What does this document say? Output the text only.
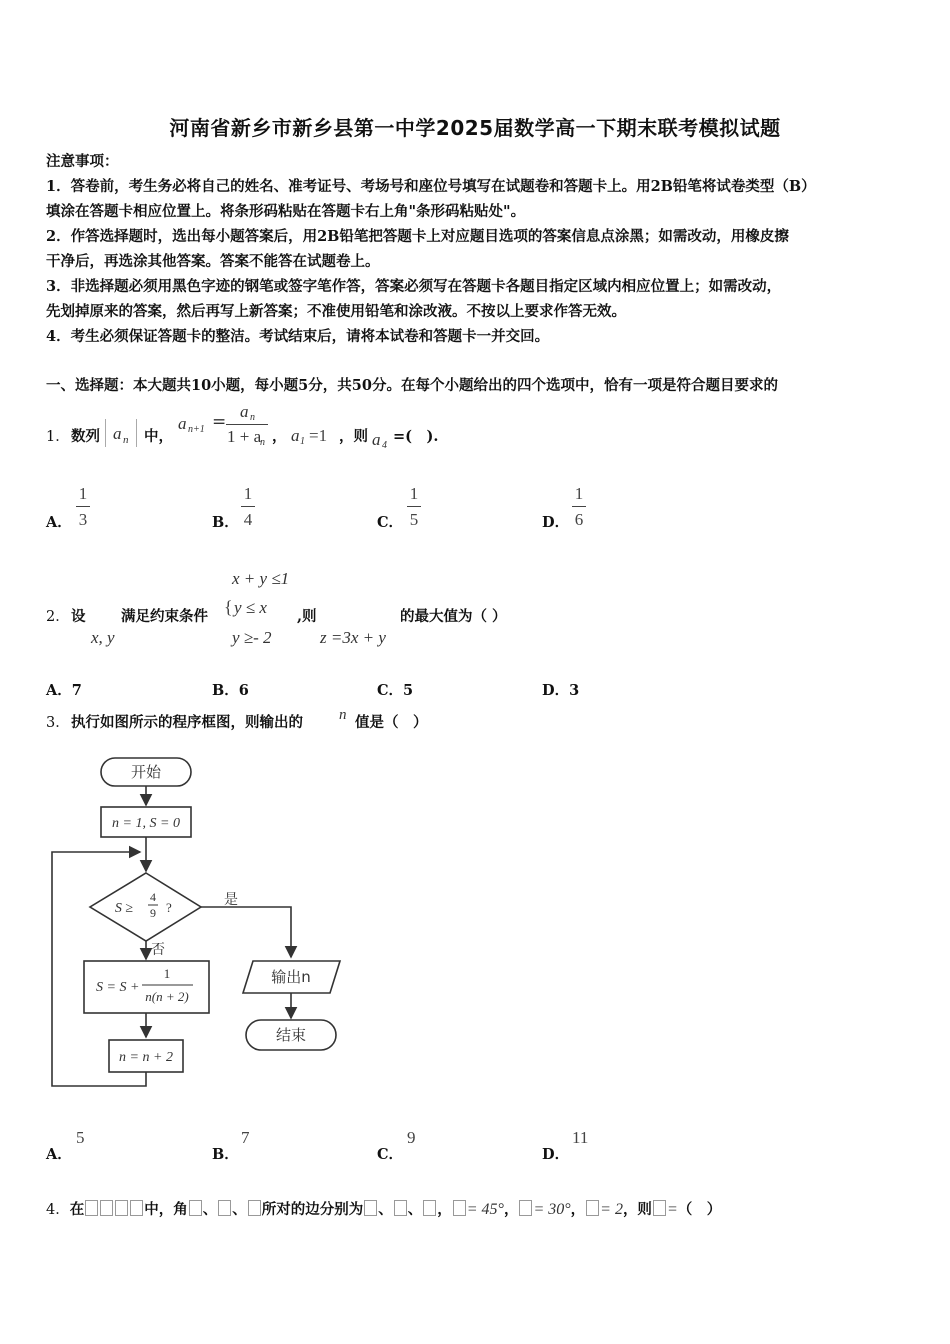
河南省新乡市新乡县第一中学2025届数学高一下期末联考模拟试题
注意事项：
1．答卷前，考生务必将自己的姓名、准考证号、考场号和座位号填写在试题卷和答题卡上。用2B铅笔将试卷类型（B）
填涂在答题卡相应位置上。将条形码粘贴在答题卡右上角"条形码粘贴处"。
2．作答选择题时，选出每小题答案后，用2B铅笔把答题卡上对应题目选项的答案信息点涂黑；如需改动，用橡皮擦
干净后，再选涂其他答案。答案不能答在试题卷上。
3．非选择题必须用黑色字迹的钢笔或签字笔作答，答案必须写在答题卡各题目指定区域内相应位置上；如需改动，
先划掉原来的答案，然后再写上新答案；不准使用铅笔和涂改液。不按以上要求作答无效。
4．考生必须保证答题卡的整洁。考试结束后，请将本试卷和答题卡一并交回。
一、选择题：本大题共10小题，每小题5分，共50分。在每个小题给出的四个选项中，恰有一项是符合题目要求的
1． 数列 a n 中，
a n+1 =
a n
1 + a
n ， a 1 =1 ，则 a 4
=(　).
A．
1
3	B．
1
4	C．
1
5	D．
1
6
2． 设
x, y
满足约束条件
x + y ≤1
{ y ≤ x
y ≥- 2
,则
z =3x + y
的最大值为（ ）
A．7	B．6	C．5	D．3
3． 执行如图所示的程序框图，则输出的 n 值是（　）
开始
n = 1, S = 0
S ≥
4
9 ?	是
否
S = S +
1
n(n + 2)
n = n + 2
输出n
结束
A．
5
B．
7
C．
9
D．
11
4．在	中，角 、 、 所对的边分别为 、 、 ， = 45°， = 30°， = 2，则 =（　）
